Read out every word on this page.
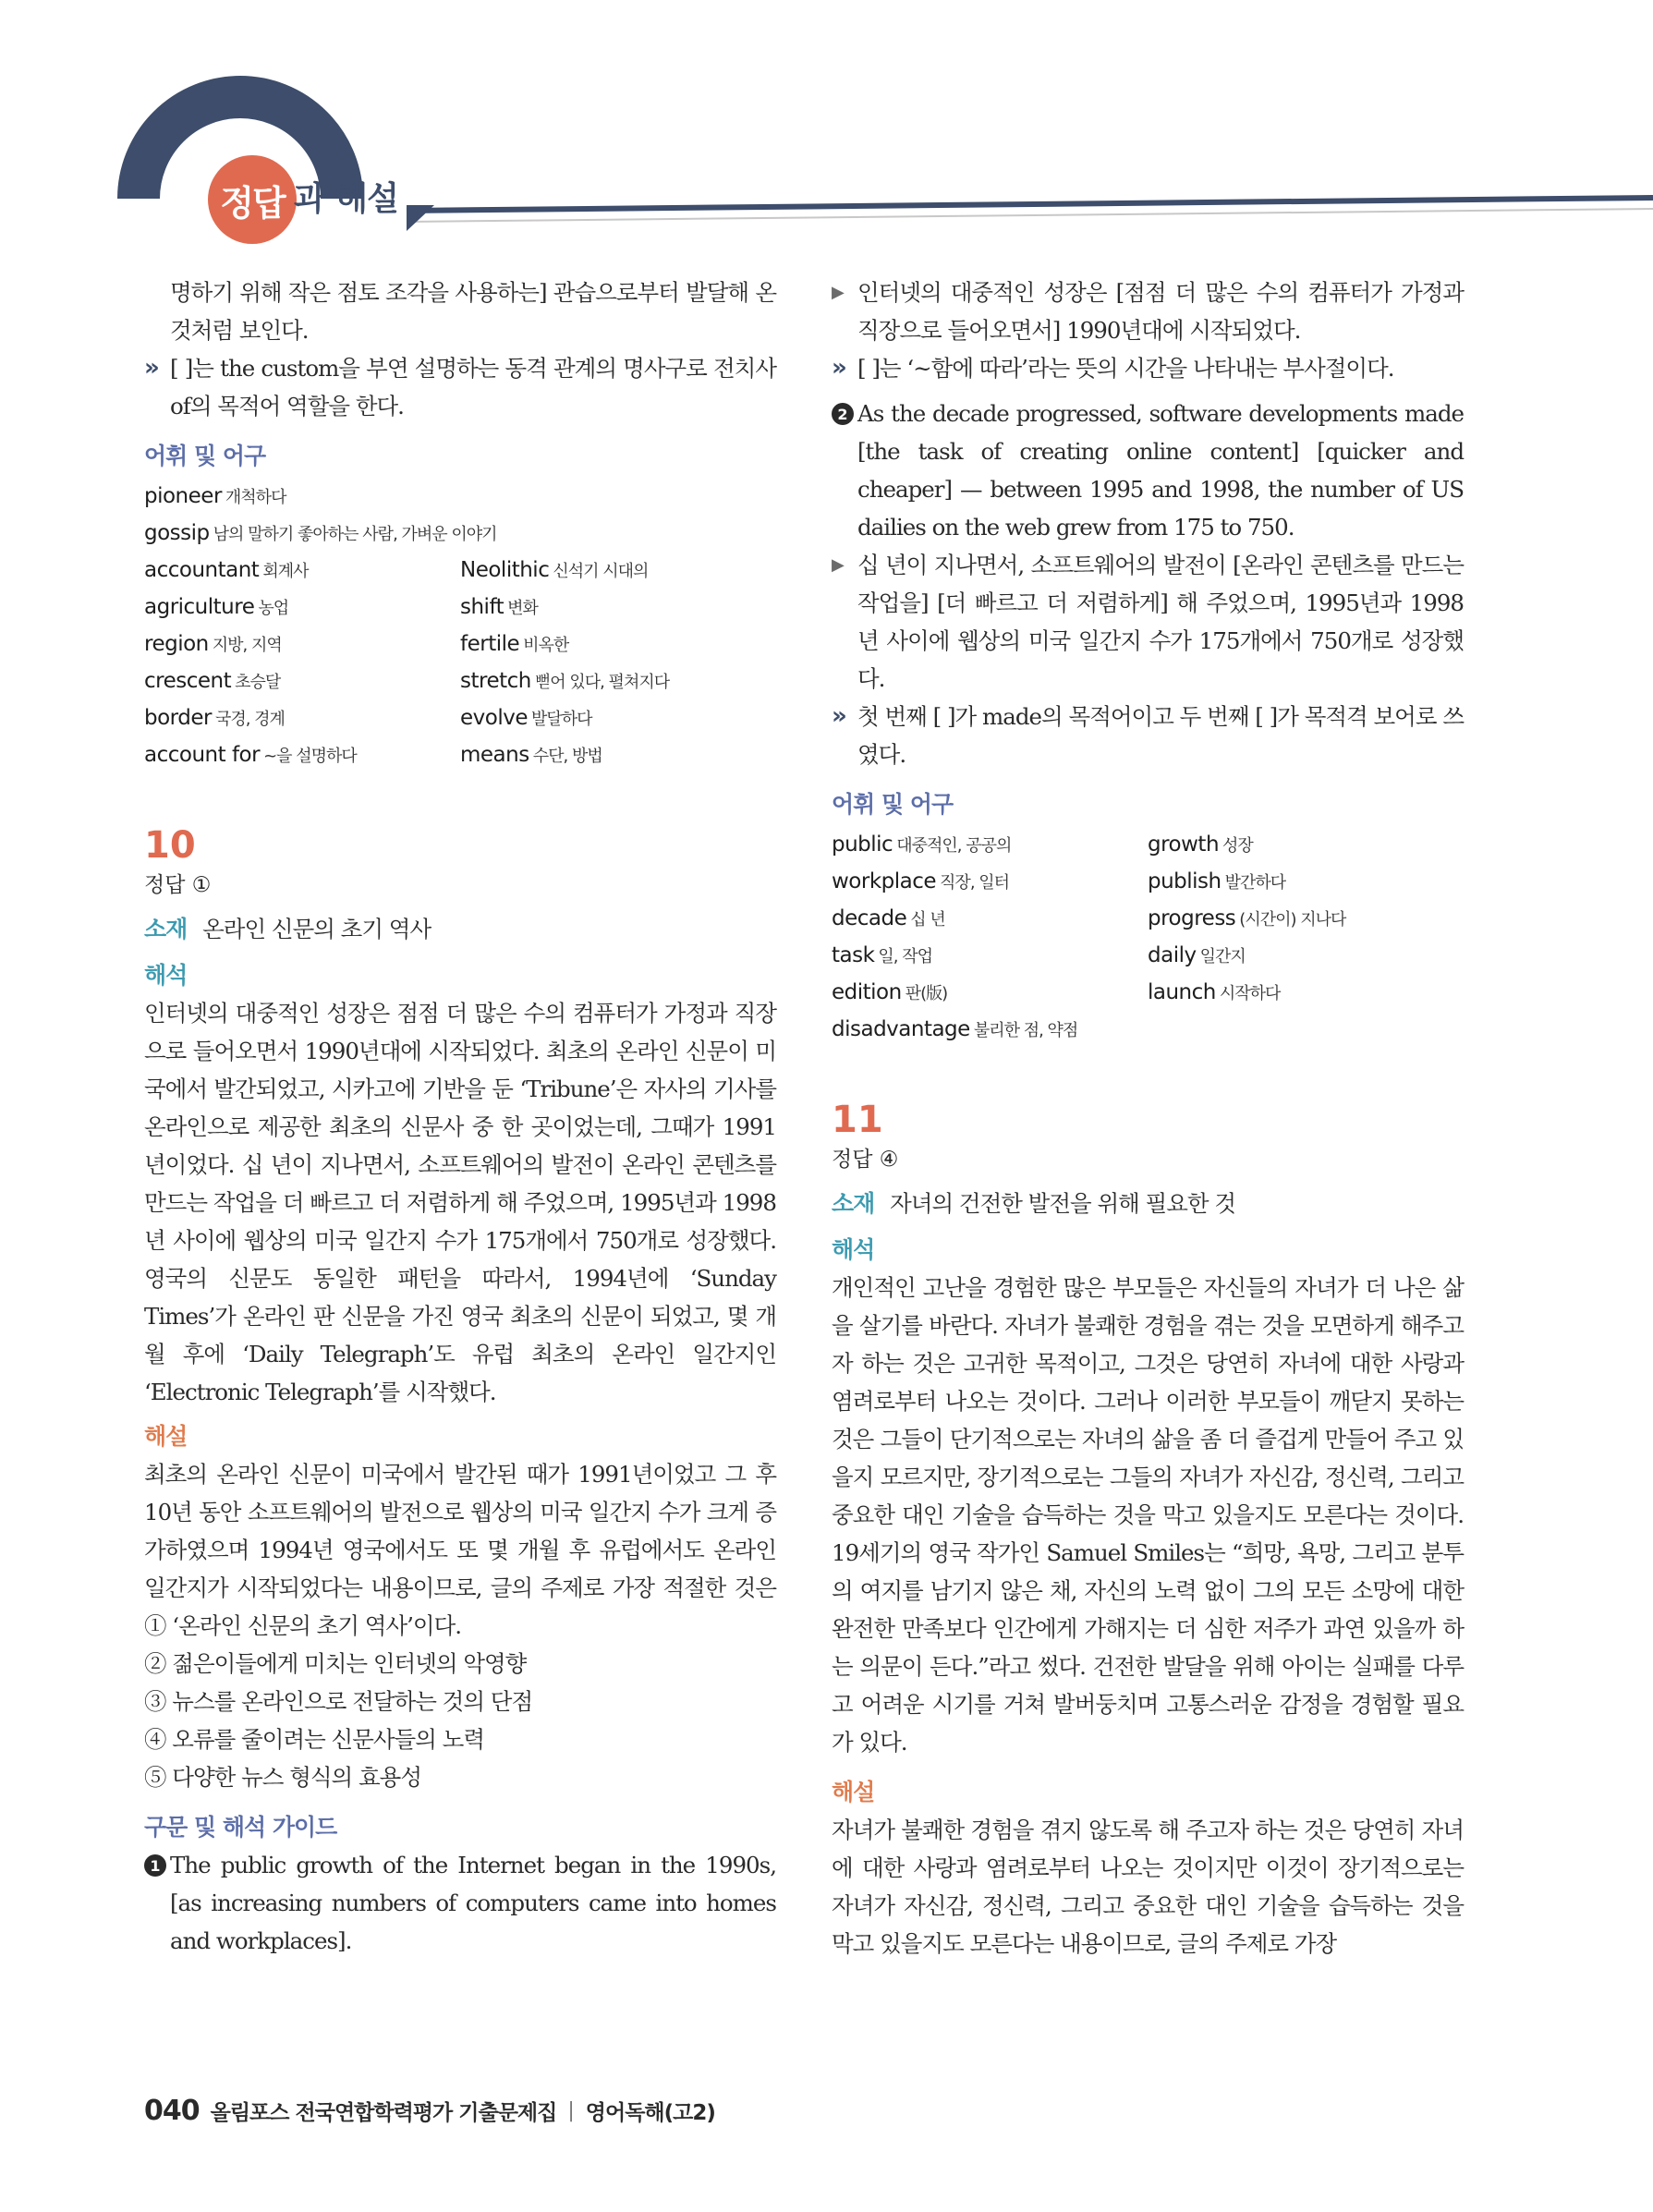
정답 과 해설

명하기 위해 작은 점토 조각을 사용하는] 관습으로부터 발달해 온 것처럼 보인다.

» [ ]는 the custom을 부연 설명하는 동격 관계의 명사구로 전치사 of의 목적어 역할을 한다.

어휘 및 어구
pioneer 개척하다
gossip 남의 말하기 좋아하는 사람, 가벼운 이야기
accountant 회계사	Neolithic 신석기 시대의
agriculture 농업	shift 변화
region 지방, 지역	fertile 비옥한
crescent 초승달	stretch 뻗어 있다, 펼쳐지다
border 국경, 경계	evolve 발달하다
account for ~을 설명하다	means 수단, 방법
10
정답 ①
소재 온라인 신문의 초기 역사
해석

인터넷의 대중적인 성장은 점점 더 많은 수의 컴퓨터가 가정과 직장으로 들어오면서 1990년대에 시작되었다. 최초의 온라인 신문이 미국에서 발간되었고, 시카고에 기반을 둔 ‘Tribune’은 자사의 기사를 온라인으로 제공한 최초의 신문사 중 한 곳이었는데, 그때가 1991년이었다. 십 년이 지나면서, 소프트웨어의 발전이 온라인 콘텐츠를 만드는 작업을 더 빠르고 더 저렴하게 해 주었으며, 1995년과 1998년 사이에 웹상의 미국 일간지 수가 175개에서 750개로 성장했다. 영국의 신문도 동일한 패턴을 따라서, 1994년에 ‘Sunday Times’가 온라인 판 신문을 가진 영국 최초의 신문이 되었고, 몇 개월 후에 ‘Daily Telegraph’도 유럽 최초의 온라인 일간지인 ‘Electronic Telegraph’를 시작했다.

해설

최초의 온라인 신문이 미국에서 발간된 때가 1991년이었고 그 후 10년 동안 소프트웨어의 발전으로 웹상의 미국 일간지 수가 크게 증가하였으며 1994년 영국에서도 또 몇 개월 후 유럽에서도 온라인 일간지가 시작되었다는 내용이므로, 글의 주제로 가장 적절한 것은 ① ‘온라인 신문의 초기 역사’이다.

② 젊은이들에게 미치는 인터넷의 악영향
③ 뉴스를 온라인으로 전달하는 것의 단점
④ 오류를 줄이려는 신문사들의 노력
⑤ 다양한 뉴스 형식의 효용성
구문 및 해석 가이드
1 The public growth of the Internet began in the 1990s, [as increasing numbers of computers came into homes and workplaces].

▶ 인터넷의 대중적인 성장은 [점점 더 많은 수의 컴퓨터가 가정과 직장으로 들어오면서] 1990년대에 시작되었다.

» [ ]는 ‘~함에 따라’라는 뜻의 시간을 나타내는 부사절이다.

2 As the decade progressed, software developments made [the task of creating online content] [quicker and cheaper] — between 1995 and 1998, the number of US dailies on the web grew from 175 to 750.

▶ 십 년이 지나면서, 소프트웨어의 발전이 [온라인 콘텐츠를 만드는 작업을] [더 빠르고 더 저렴하게] 해 주었으며, 1995년과 1998년 사이에 웹상의 미국 일간지 수가 175개에서 750개로 성장했다.

» 첫 번째 [ ]가 made의 목적어이고 두 번째 [ ]가 목적격 보어로 쓰였다.

어휘 및 어구
public 대중적인, 공공의	growth 성장
workplace 직장, 일터	publish 발간하다
decade 십 년	progress (시간이) 지나다
task 일, 작업	daily 일간지
edition 판(版)	launch 시작하다
disadvantage 불리한 점, 약점
11
정답 ④
소재 자녀의 건전한 발전을 위해 필요한 것
해석

개인적인 고난을 경험한 많은 부모들은 자신들의 자녀가 더 나은 삶을 살기를 바란다. 자녀가 불쾌한 경험을 겪는 것을 모면하게 해주고자 하는 것은 고귀한 목적이고, 그것은 당연히 자녀에 대한 사랑과 염려로부터 나오는 것이다. 그러나 이러한 부모들이 깨닫지 못하는 것은 그들이 단기적으로는 자녀의 삶을 좀 더 즐겁게 만들어 주고 있을지 모르지만, 장기적으로는 그들의 자녀가 자신감, 정신력, 그리고 중요한 대인 기술을 습득하는 것을 막고 있을지도 모른다는 것이다. 19세기의 영국 작가인 Samuel Smiles는 “희망, 욕망, 그리고 분투의 여지를 남기지 않은 채, 자신의 노력 없이 그의 모든 소망에 대한 완전한 만족보다 인간에게 가해지는 더 심한 저주가 과연 있을까 하는 의문이 든다.”라고 썼다. 건전한 발달을 위해 아이는 실패를 다루고 어려운 시기를 거쳐 발버둥치며 고통스러운 감정을 경험할 필요가 있다.

해설

자녀가 불쾌한 경험을 겪지 않도록 해 주고자 하는 것은 당연히 자녀에 대한 사랑과 염려로부터 나오는 것이지만 이것이 장기적으로는 자녀가 자신감, 정신력, 그리고 중요한 대인 기술을 습득하는 것을 막고 있을지도 모른다는 내용이므로, 글의 주제로 가장

040 올림포스 전국연합학력평가 기출문제집 | 영어독해(고2)
